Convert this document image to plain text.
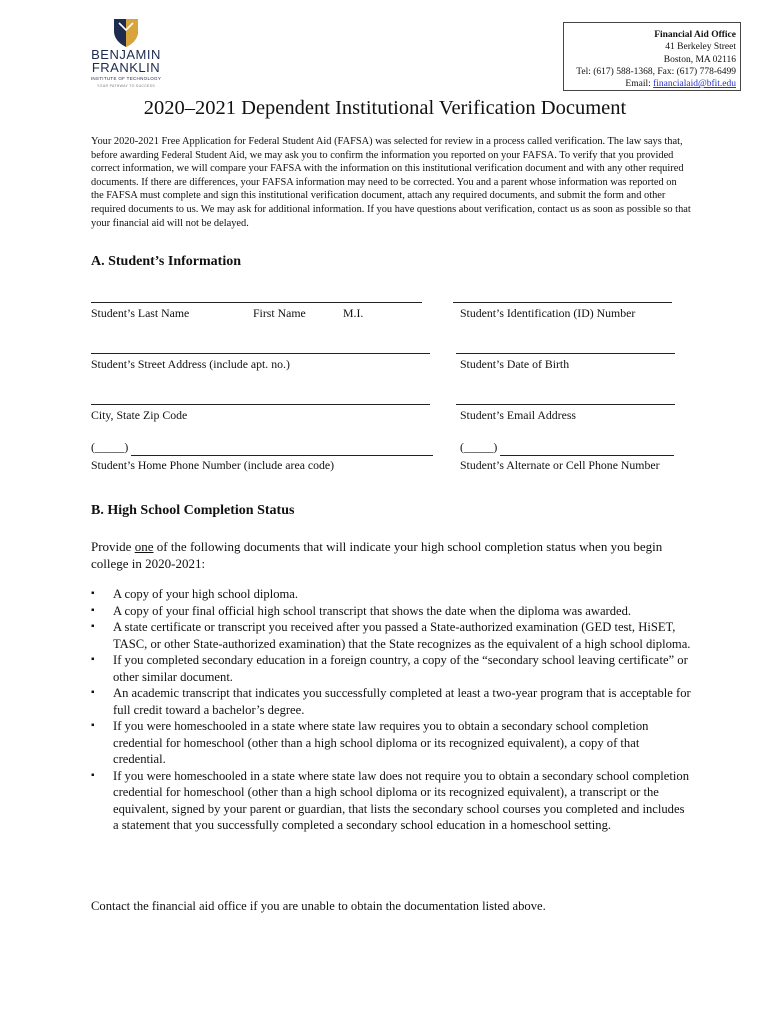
BENJAMIN
FRANKLIN
INSTITUTE OF TECHNOLOGY
YOUR PATHWAY TO SUCCESS
Financial Aid Office
41 Berkeley Street
Boston, MA 02116
Tel: (617) 588-1368, Fax: (617) 778-6499
Email: financialaid@bfit.edu
2020–2021 Dependent Institutional Verification Document
Your 2020-2021 Free Application for Federal Student Aid (FAFSA) was selected for review in a process called verification. The law says that, before awarding Federal Student Aid, we may ask you to confirm the information you reported on your FAFSA. To verify that you provided correct information, we will compare your FAFSA with the information on this institutional verification document and with any other required documents. If there are differences, your FAFSA information may need to be corrected. You and a parent whose information was reported on the FAFSA must complete and sign this institutional verification document, attach any required documents, and submit the form and other required documents to us. We may ask for additional information. If you have questions about verification, contact us as soon as possible so that your financial aid will not be delayed.
A. Student’s Information
Student’s Last Name	First Name	M.I.	Student’s Identification (ID) Number
Student’s Street Address (include apt. no.)	Student’s Date of Birth
City, State Zip Code	Student’s Email Address
(_____)	(_____)
Student’s Home Phone Number (include area code)	Student’s Alternate or Cell Phone Number
B. High School Completion Status
Provide one of the following documents that will indicate your high school completion status when you begin college in 2020-2021:
▪ A copy of your high school diploma.
▪ A copy of your final official high school transcript that shows the date when the diploma was awarded.
▪ A state certificate or transcript you received after you passed a State-authorized examination (GED test, HiSET, TASC, or other State-authorized examination) that the State recognizes as the equivalent of a high school diploma.
▪ If you completed secondary education in a foreign country, a copy of the “secondary school leaving certificate” or other similar document.
▪ An academic transcript that indicates you successfully completed at least a two-year program that is acceptable for full credit toward a bachelor’s degree.
▪ If you were homeschooled in a state where state law requires you to obtain a secondary school completion credential for homeschool (other than a high school diploma or its recognized equivalent), a copy of that credential.
▪ If you were homeschooled in a state where state law does not require you to obtain a secondary school completion credential for homeschool (other than a high school diploma or its recognized equivalent), a transcript or the equivalent, signed by your parent or guardian, that lists the secondary school courses you completed and includes a statement that you successfully completed a secondary school education in a homeschool setting.
Contact the financial aid office if you are unable to obtain the documentation listed above.
